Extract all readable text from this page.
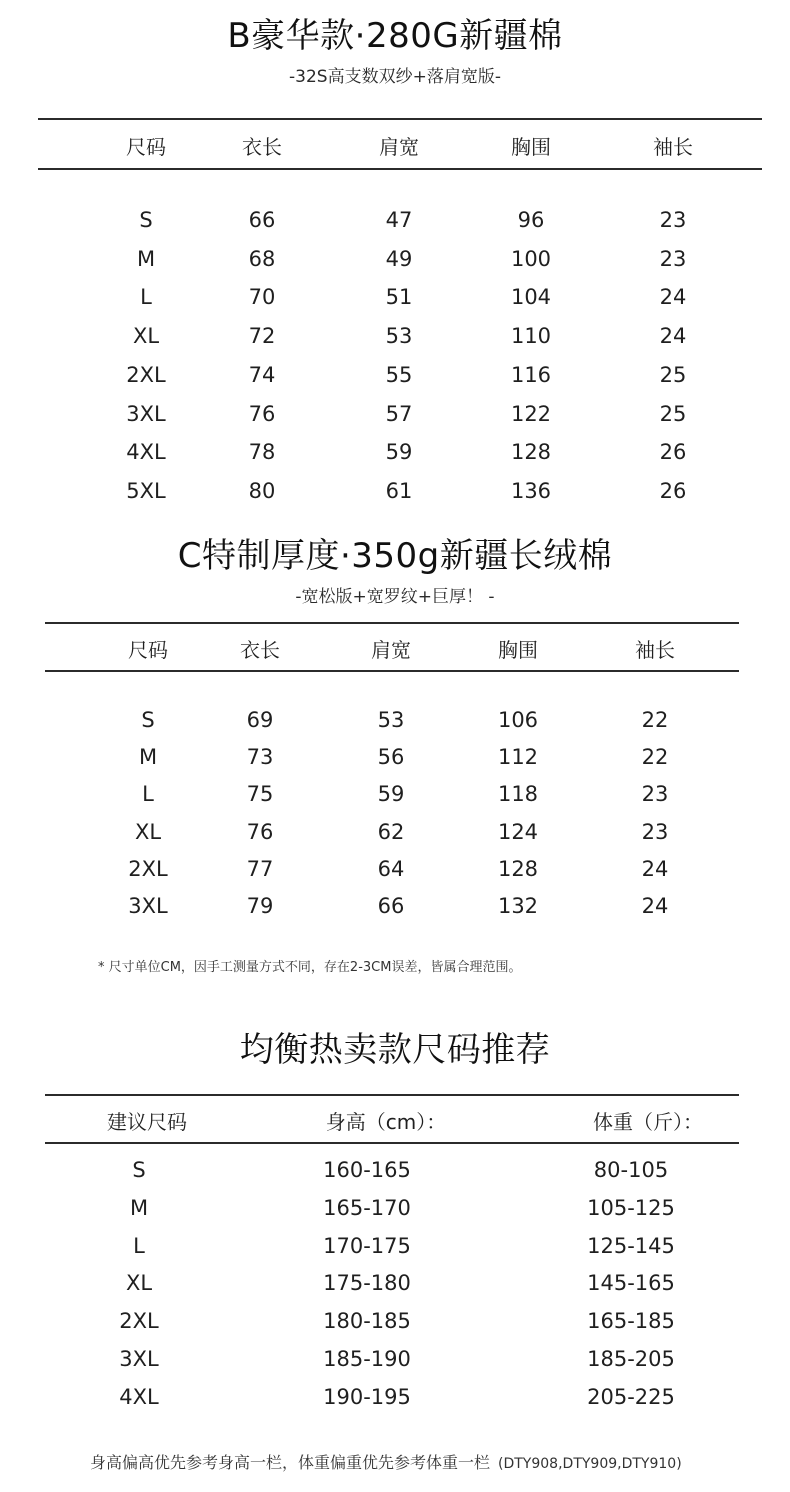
B豪华款·280G新疆棉
-32S高支数双纱+落肩宽版-
尺码	衣长	肩宽	胸围	袖长
S	66	47	96	23
M	68	49	100	23
L	70	51	104	24
XL	72	53	110	24
2XL	74	55	116	25
3XL	76	57	122	25
4XL	78	59	128	26
5XL	80	61	136	26
C特制厚度·350g新疆长绒棉
-宽松版+宽罗纹+巨厚！ -
尺码	衣长	肩宽	胸围	袖长
S	69	53	106	22
M	73	56	112	22
L	75	59	118	23
XL	76	62	124	23
2XL	77	64	128	24
3XL	79	66	132	24
* 尺寸单位CM，因手工测量方式不同，存在2-3CM误差，皆属合理范围。
均衡热卖款尺码推荐
建议尺码	身高（cm）：	体重（斤）：
S	160-165	80-105
M	165-170	105-125
L	170-175	125-145
XL	175-180	145-165
2XL	180-185	165-185
3XL	185-190	185-205
4XL	190-195	205-225
身高偏高优先参考身高一栏，体重偏重优先参考体重一栏 (DTY908,DTY909,DTY910)
